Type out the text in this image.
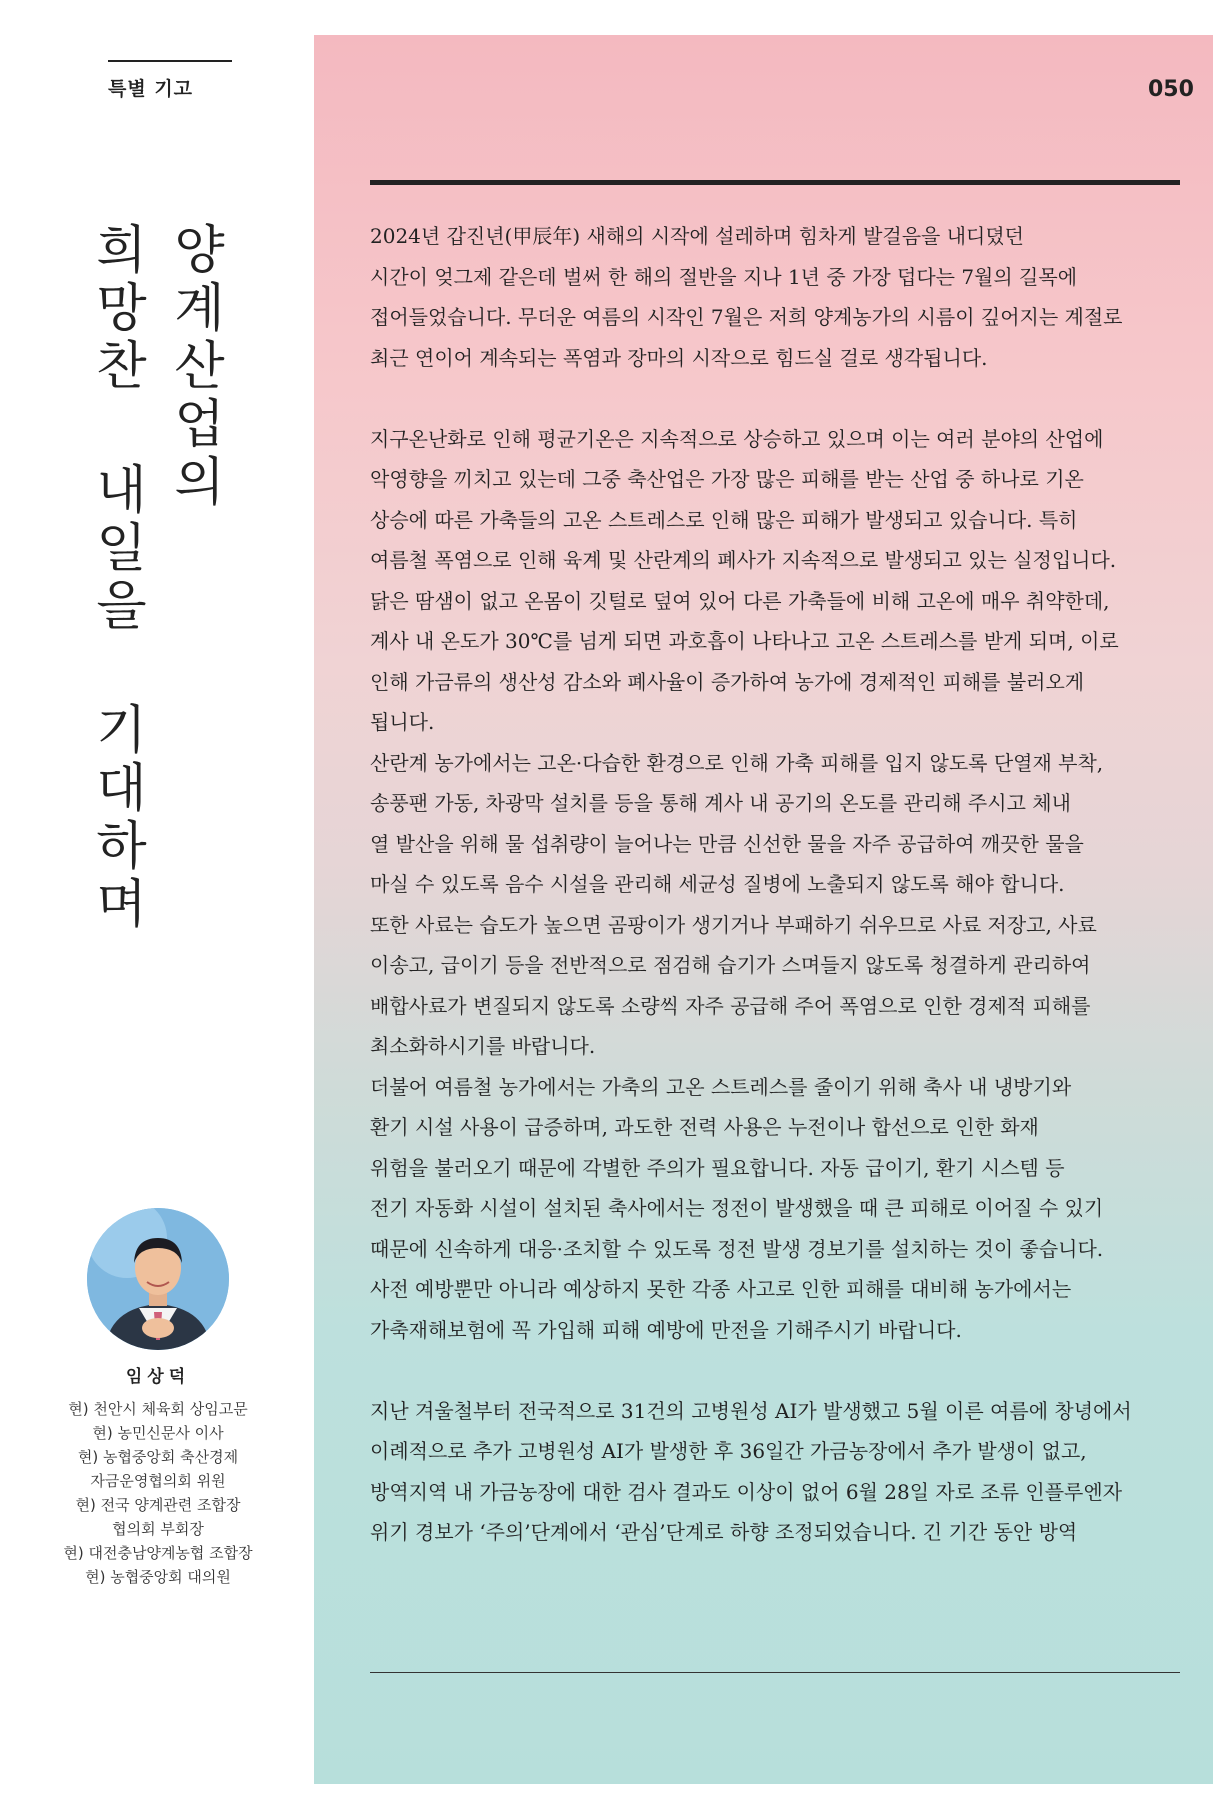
특별 기고
양계산업의
희망찬 내일을 기대하며
임상덕
현) 천안시 체육회 상임고문
현) 농민신문사 이사
현) 농협중앙회 축산경제
자금운영협의회 위원
현) 전국 양계관련 조합장
협의회 부회장
현) 대전충남양계농협 조합장
현) 농협중앙회 대의원
050
2024년 갑진년(甲辰年) 새해의 시작에 설레하며 힘차게 발걸음을 내디뎠던
시간이 엊그제 같은데 벌써 한 해의 절반을 지나 1년 중 가장 덥다는 7월의 길목에
접어들었습니다. 무더운 여름의 시작인 7월은 저희 양계농가의 시름이 깊어지는 계절로
최근 연이어 계속되는 폭염과 장마의 시작으로 힘드실 걸로 생각됩니다.
지구온난화로 인해 평균기온은 지속적으로 상승하고 있으며 이는 여러 분야의 산업에
악영향을 끼치고 있는데 그중 축산업은 가장 많은 피해를 받는 산업 중 하나로 기온
상승에 따른 가축들의 고온 스트레스로 인해 많은 피해가 발생되고 있습니다. 특히
여름철 폭염으로 인해 육계 및 산란계의 폐사가 지속적으로 발생되고 있는 실정입니다.
닭은 땀샘이 없고 온몸이 깃털로 덮여 있어 다른 가축들에 비해 고온에 매우 취약한데,
계사 내 온도가 30℃를 넘게 되면 과호흡이 나타나고 고온 스트레스를 받게 되며, 이로
인해 가금류의 생산성 감소와 폐사율이 증가하여 농가에 경제적인 피해를 불러오게
됩니다.
산란계 농가에서는 고온·다습한 환경으로 인해 가축 피해를 입지 않도록 단열재 부착,
송풍팬 가동, 차광막 설치를 등을 통해 계사 내 공기의 온도를 관리해 주시고 체내
열 발산을 위해 물 섭취량이 늘어나는 만큼 신선한 물을 자주 공급하여 깨끗한 물을
마실 수 있도록 음수 시설을 관리해 세균성 질병에 노출되지 않도록 해야 합니다.
또한 사료는 습도가 높으면 곰팡이가 생기거나 부패하기 쉬우므로 사료 저장고, 사료
이송고, 급이기 등을 전반적으로 점검해 습기가 스며들지 않도록 청결하게 관리하여
배합사료가 변질되지 않도록 소량씩 자주 공급해 주어 폭염으로 인한 경제적 피해를
최소화하시기를 바랍니다.
더불어 여름철 농가에서는 가축의 고온 스트레스를 줄이기 위해 축사 내 냉방기와
환기 시설 사용이 급증하며, 과도한 전력 사용은 누전이나 합선으로 인한 화재
위험을 불러오기 때문에 각별한 주의가 필요합니다. 자동 급이기, 환기 시스템 등
전기 자동화 시설이 설치된 축사에서는 정전이 발생했을 때 큰 피해로 이어질 수 있기
때문에 신속하게 대응·조치할 수 있도록 정전 발생 경보기를 설치하는 것이 좋습니다.
사전 예방뿐만 아니라 예상하지 못한 각종 사고로 인한 피해를 대비해 농가에서는
가축재해보험에 꼭 가입해 피해 예방에 만전을 기해주시기 바랍니다.
지난 겨울철부터 전국적으로 31건의 고병원성 AI가 발생했고 5월 이른 여름에 창녕에서
이례적으로 추가 고병원성 AI가 발생한 후 36일간 가금농장에서 추가 발생이 없고,
방역지역 내 가금농장에 대한 검사 결과도 이상이 없어 6월 28일 자로 조류 인플루엔자
위기 경보가 ‘주의’단계에서 ‘관심’단계로 하향 조정되었습니다. 긴 기간 동안 방역
